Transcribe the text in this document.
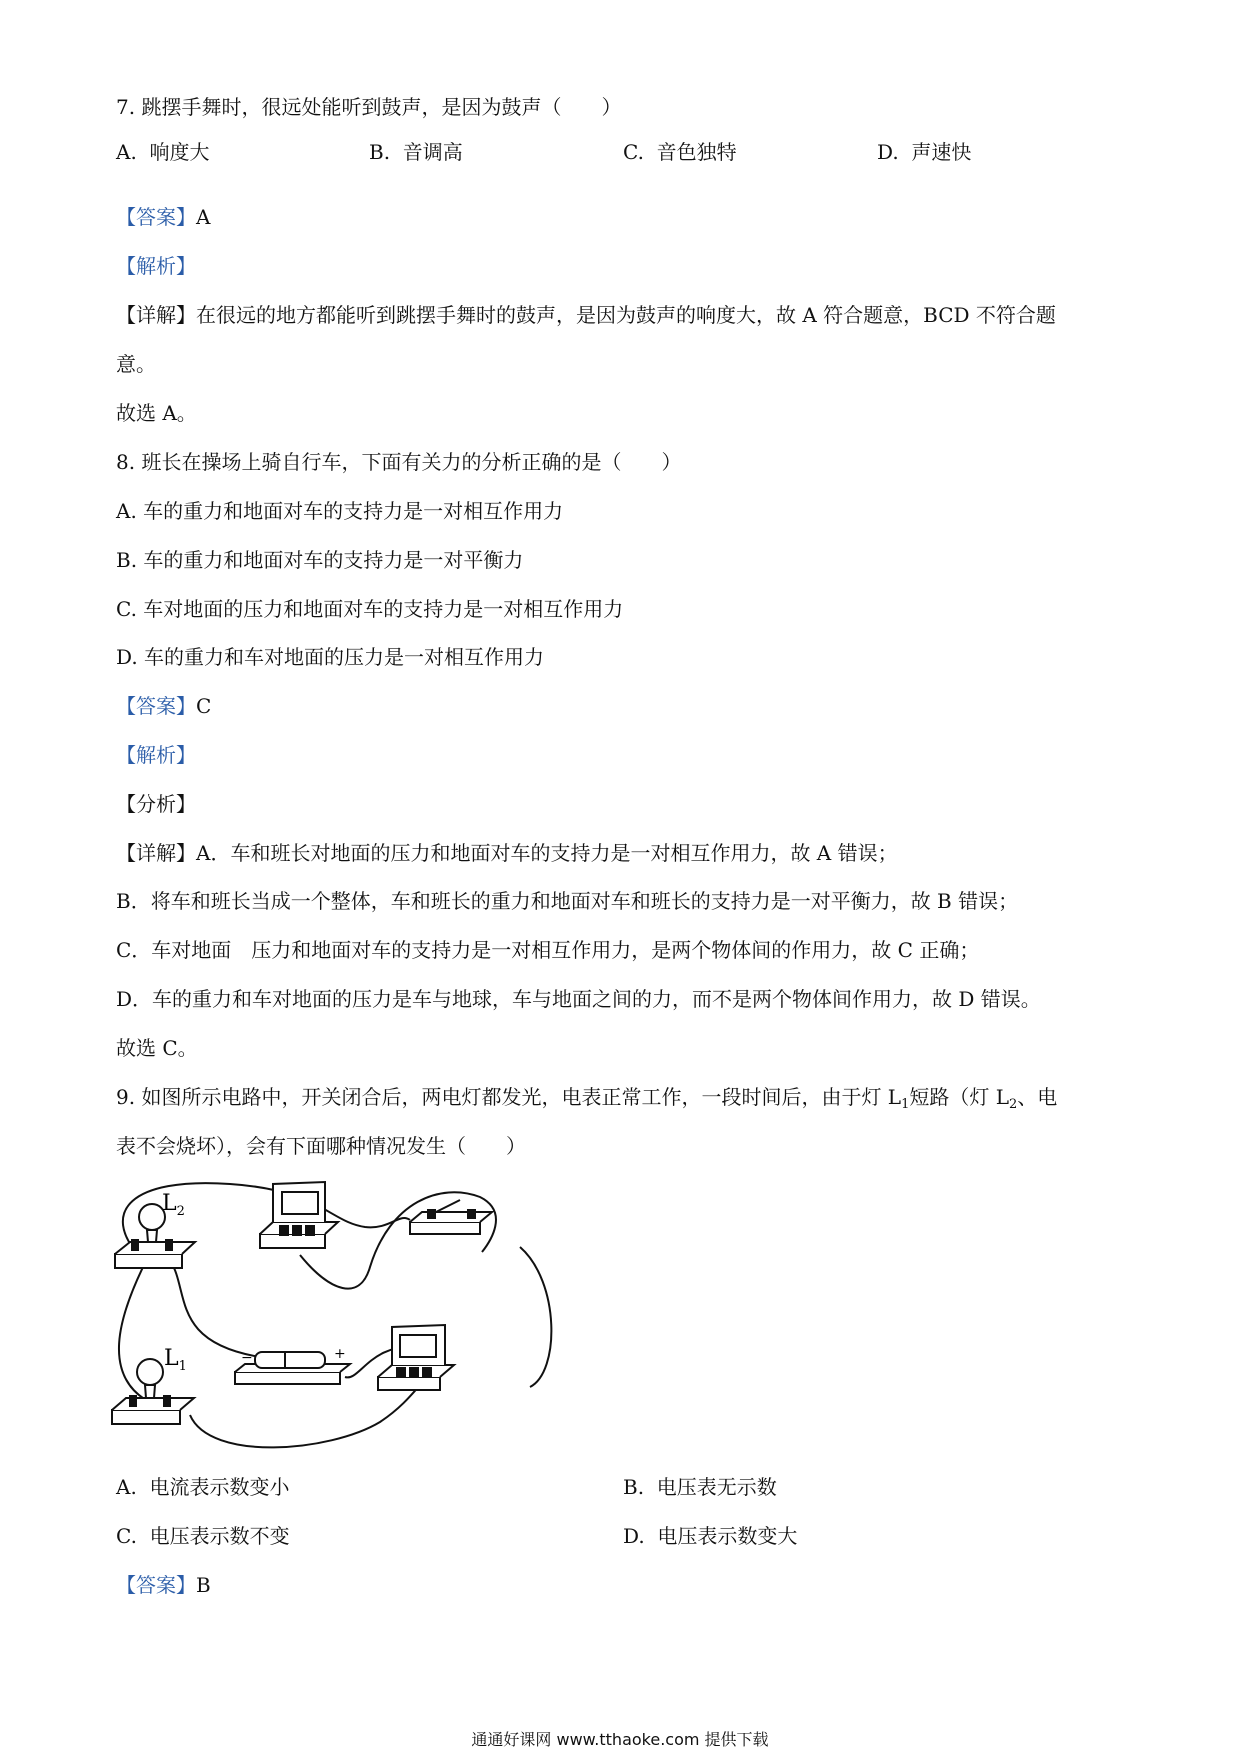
7. 跳摆手舞时，很远处能听到鼓声，是因为鼓声（　　）
A.  响度大	B.  音调高	C.  音色独特	D.  声速快
【答案】A
【解析】
【详解】在很远的地方都能听到跳摆手舞时的鼓声，是因为鼓声的响度大，故 A 符合题意，BCD 不符合题
意。
故选 A。
8. 班长在操场上骑自行车，下面有关力的分析正确的是（　　）
A. 车的重力和地面对车的支持力是一对相互作用力
B. 车的重力和地面对车的支持力是一对平衡力
C. 车对地面的压力和地面对车的支持力是一对相互作用力
D. 车的重力和车对地面的压力是一对相互作用力
【答案】C
【解析】
【分析】
【详解】A．车和班长对地面的压力和地面对车的支持力是一对相互作用力，故 A 错误；
B．将车和班长当成一个整体，车和班长的重力和地面对车和班长的支持力是一对平衡力，故 B 错误；
C．车对地面　压力和地面对车的支持力是一对相互作用力，是两个物体间的作用力，故 C 正确；
D．车的重力和车对地面的压力是车与地球，车与地面之间的力，而不是两个物体间作用力，故 D 错误。
故选 C。
9. 如图所示电路中，开关闭合后，两电灯都发光，电表正常工作，一段时间后，由于灯 $L_1$短路（灯 $L_2$、电
表不会烧坏），会有下面哪种情况发生（　　）
$L_2$
$L_1$
−	+
A.  电流表示数变小	B.  电压表无示数
C.  电压表示数不变	D.  电压表示数变大
【答案】B
通通好课网 www.tthaoke.com 提供下载
